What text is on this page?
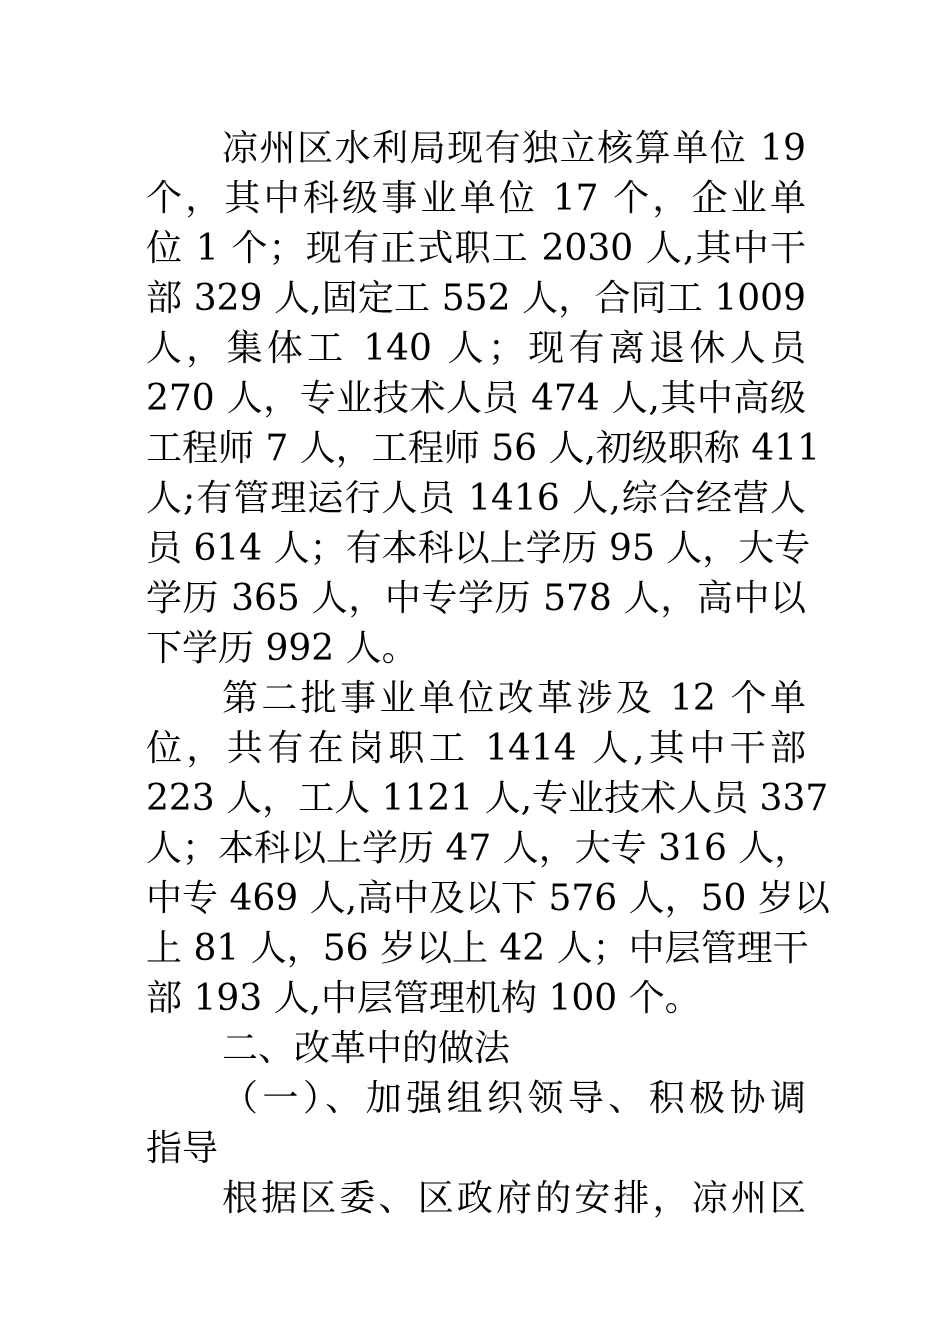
凉州区水利局现有独立核算单位 19
个，其中科级事业单位 17 个，企业单
位 1 个；现有正式职工 2030 人,其中干
部 329 人,固定工 552 人，合同工 1009
人，集体工 140 人；现有离退休人员
270 人，专业技术人员 474 人,其中高级
工程师 7 人，工程师 56 人,初级职称 411
人;有管理运行人员 1416 人,综合经营人
员 614 人；有本科以上学历 95 人，大专
学历 365 人，中专学历 578 人，高中以
下学历 992 人。
第二批事业单位改革涉及 12 个单
位，共有在岗职工 1414 人,其中干部
223 人，工人 1121 人,专业技术人员 337
人；本科以上学历 47 人，大专 316 人，
中专 469 人,高中及以下 576 人，50 岁以
上 81 人，56 岁以上 42 人；中层管理干
部 193 人,中层管理机构 100 个。
二、改革中的做法
（一）、加强组织领导、积极协调
指导
根据区委、区政府的安排，凉州区
